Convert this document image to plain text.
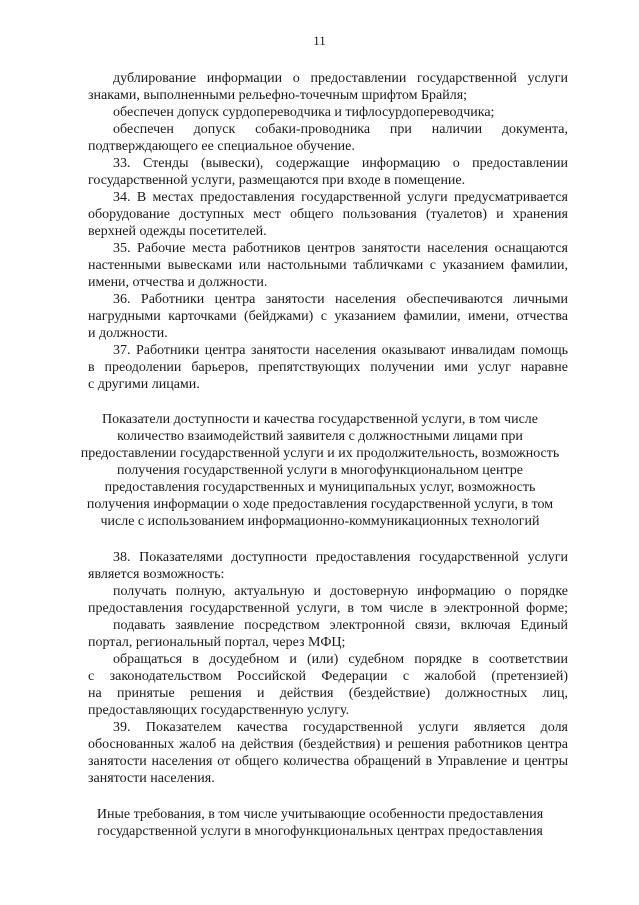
11
дублирование информации о предоставлении государственной услуги
знаками, выполненными рельефно-точечным шрифтом Брайля;
обеспечен допуск сурдопереводчика и тифлосурдопереводчика;
обеспечен допуск собаки-проводника при наличии документа,
подтверждающего ее специальное обучение.
33. Стенды (вывески), содержащие информацию о предоставлении
государственной услуги, размещаются при входе в помещение.
34. В местах предоставления государственной услуги предусматривается
оборудование доступных мест общего пользования (туалетов) и хранения
верхней одежды посетителей.
35. Рабочие места работников центров занятости населения оснащаются
настенными вывесками или настольными табличками с указанием фамилии,
имени, отчества и должности.
36. Работники центра занятости населения обеспечиваются личными
нагрудными карточками (бейджами) с указанием фамилии, имени, отчества
и должности.
37. Работники центра занятости населения оказывают инвалидам помощь
в преодолении барьеров, препятствующих получении ими услуг наравне
с другими лицами.
Показатели доступности и качества государственной услуги, в том числе
количество взаимодействий заявителя с должностными лицами при
предоставлении государственной услуги и их продолжительность, возможность
получения государственной услуги в многофункциональном центре
предоставления государственных и муниципальных услуг, возможность
получения информации о ходе предоставления государственной услуги, в том
числе с использованием информационно-коммуникационных технологий
38. Показателями доступности предоставления государственной услуги
является возможность:
получать полную, актуальную и достоверную информацию о порядке
предоставления государственной услуги, в том числе в электронной форме;
подавать заявление посредством электронной связи, включая Единый
портал, региональный портал, через МФЦ;
обращаться в досудебном и (или) судебном порядке в соответствии
с законодательством Российской Федерации с жалобой (претензией)
на принятые решения и действия (бездействие) должностных лиц,
предоставляющих государственную услугу.
39. Показателем качества государственной услуги является доля
обоснованных жалоб на действия (бездействия) и решения работников центра
занятости населения от общего количества обращений в Управление и центры
занятости населения.
Иные требования, в том числе учитывающие особенности предоставления
государственной услуги в многофункциональных центрах предоставления
